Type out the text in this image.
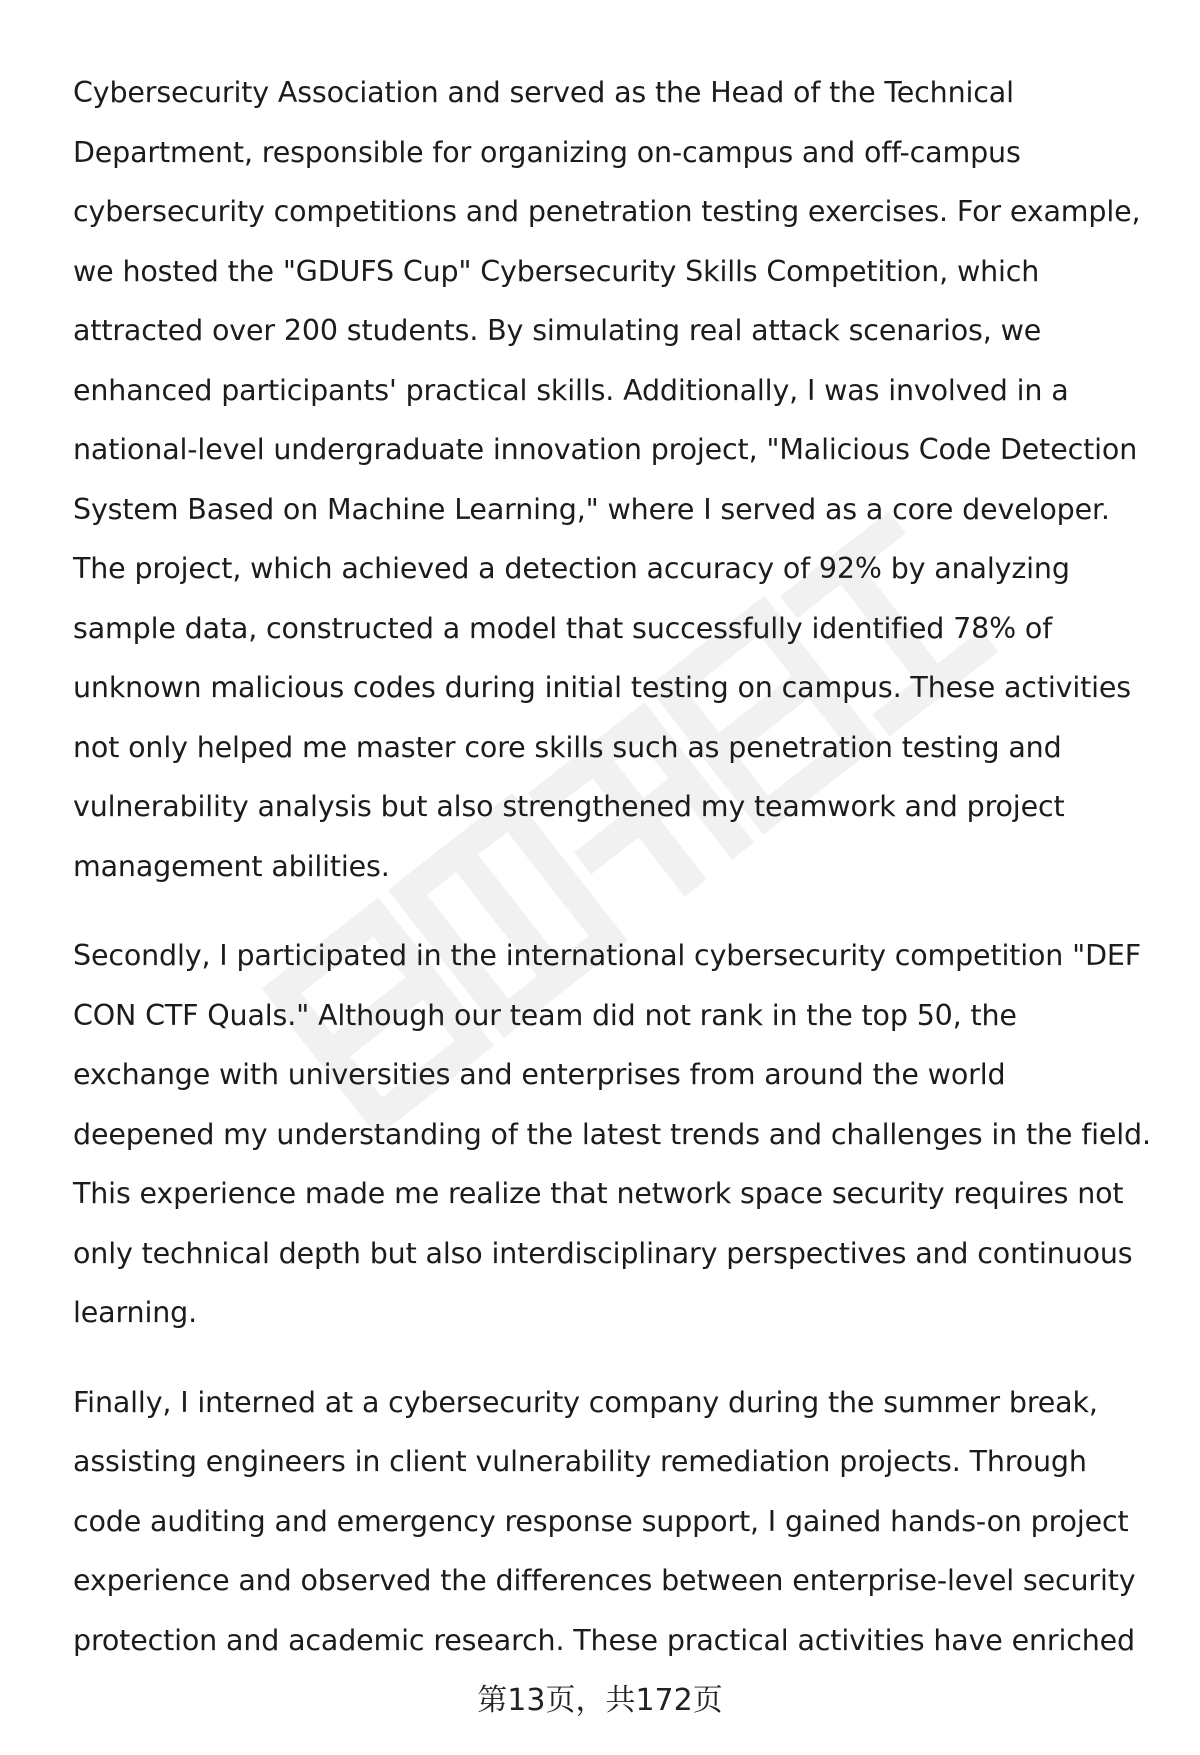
Cybersecurity Association and served as the Head of the Technical
Department, responsible for organizing on-campus and off-campus
cybersecurity competitions and penetration testing exercises. For example,
we hosted the "GDUFS Cup" Cybersecurity Skills Competition, which
attracted over 200 students. By simulating real attack scenarios, we
enhanced participants' practical skills. Additionally, I was involved in a
national-level undergraduate innovation project, "Malicious Code Detection
System Based on Machine Learning," where I served as a core developer.
The project, which achieved a detection accuracy of 92% by analyzing
sample data, constructed a model that successfully identified 78% of
unknown malicious codes during initial testing on campus. These activities
not only helped me master core skills such as penetration testing and
vulnerability analysis but also strengthened my teamwork and project
management abilities.

Secondly, I participated in the international cybersecurity competition "DEF
CON CTF Quals." Although our team did not rank in the top 50, the
exchange with universities and enterprises from around the world
deepened my understanding of the latest trends and challenges in the field.
This experience made me realize that network space security requires not
only technical depth but also interdisciplinary perspectives and continuous
learning.

Finally, I interned at a cybersecurity company during the summer break,
assisting engineers in client vulnerability remediation projects. Through
code auditing and emergency response support, I gained hands-on project
experience and observed the differences between enterprise-level security
protection and academic research. These practical activities have enriched

第13页，共172页
